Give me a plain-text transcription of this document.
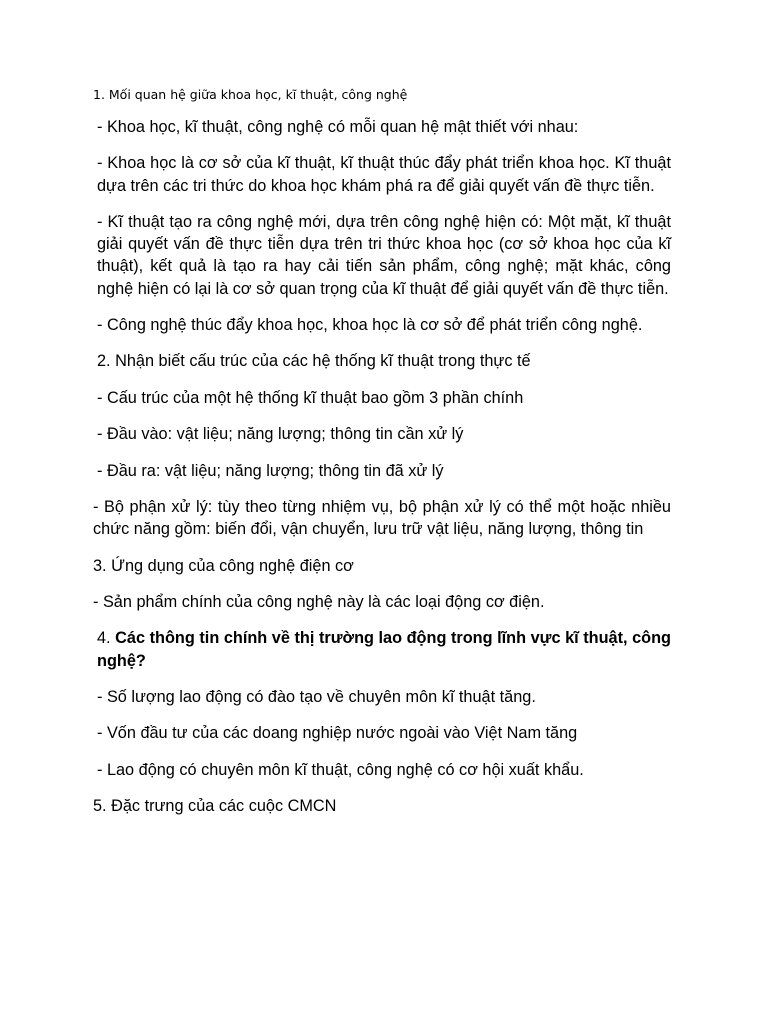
1. Mối quan hệ giữa khoa học, kĩ thuật, công nghệ

- Khoa học, kĩ thuật, công nghệ có mỗi quan hệ mật thiết với nhau:

- Khoa học là cơ sở của kĩ thuật, kĩ thuật thúc đẩy phát triển khoa học. Kĩ thuật dựa trên các tri thức do khoa học khám phá ra để giải quyết vấn đề thực tiễn.

- Kĩ thuật tạo ra công nghệ mới, dựa trên công nghệ hiện có: Một mặt, kĩ thuật giải quyết vấn đề thực tiễn dựa trên tri thức khoa học (cơ sở khoa học của kĩ thuật), kết quả là tạo ra hay cải tiến sản phẩm, công nghệ; mặt khác, công nghệ hiện có lại là cơ sở quan trọng của kĩ thuật để giải quyết vấn đề thực tiễn.

- Công nghệ thúc đẩy khoa học, khoa học là cơ sở để phát triển công nghệ.

2. Nhận biết cấu trúc của các hệ thống kĩ thuật trong thực tế

- Cấu trúc của một hệ thống kĩ thuật bao gồm 3 phần chính

- Đầu vào: vật liệu; năng lượng; thông tin cần xử lý

- Đầu ra: vật liệu; năng lượng; thông tin đã xử lý

- Bộ phận xử lý: tùy theo từng nhiệm vụ, bộ phận xử lý có thể một hoặc nhiều chức năng gồm: biến đổi, vận chuyển, lưu trữ vật liệu, năng lượng, thông tin

3. Ứng dụng của công nghệ điện cơ

- Sản phẩm chính của công nghệ này là các loại động cơ điện.

4. Các thông tin chính về thị trường lao động trong lĩnh vực kĩ thuật, công nghệ?

- Số lượng lao động có đào tạo về chuyên môn kĩ thuật tăng.

- Vốn đầu tư của các doang nghiệp nước ngoài vào Việt Nam tăng

- Lao động có chuyên môn kĩ thuật, công nghệ có cơ hội xuất khẩu.

5. Đặc trưng của các cuộc CMCN
